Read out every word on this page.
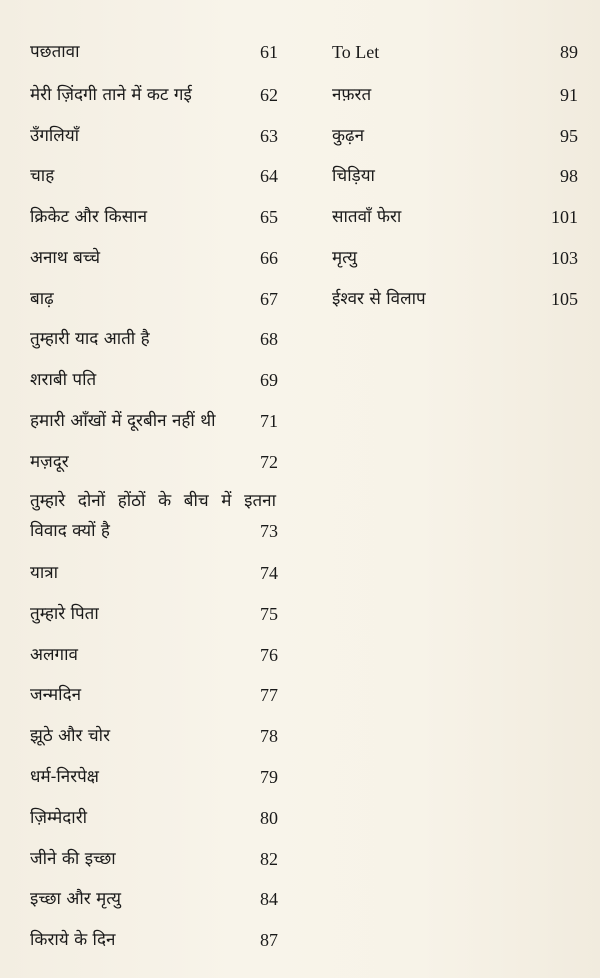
पछतावा	61
मेरी ज़िंदगी ताने में कट गई	62
उँगलियाँ	63
चाह	64
क्रिकेट और किसान	65
अनाथ बच्चे	66
बाढ़	67
तुम्हारी याद आती है	68
शराबी पति	69
हमारी आँखों में दूरबीन नहीं थी 71
मज़दूर	72
तुम्हारे दोनों होंठों के बीच में इतना
विवाद क्यों है	73
यात्रा	74
तुम्हारे पिता	75
अलगाव	76
जन्मदिन	77
झूठे और चोर	78
धर्म-निरपेक्ष	79
ज़िम्मेदारी	80
जीने की इच्छा	82
इच्छा और मृत्यु	84
किराये के दिन	87
To Let	89
नफ़रत	91
कुढ़न	95
चिड़िया	98
सातवाँ फेरा	101
मृत्यु	103
ईश्वर से विलाप	105
